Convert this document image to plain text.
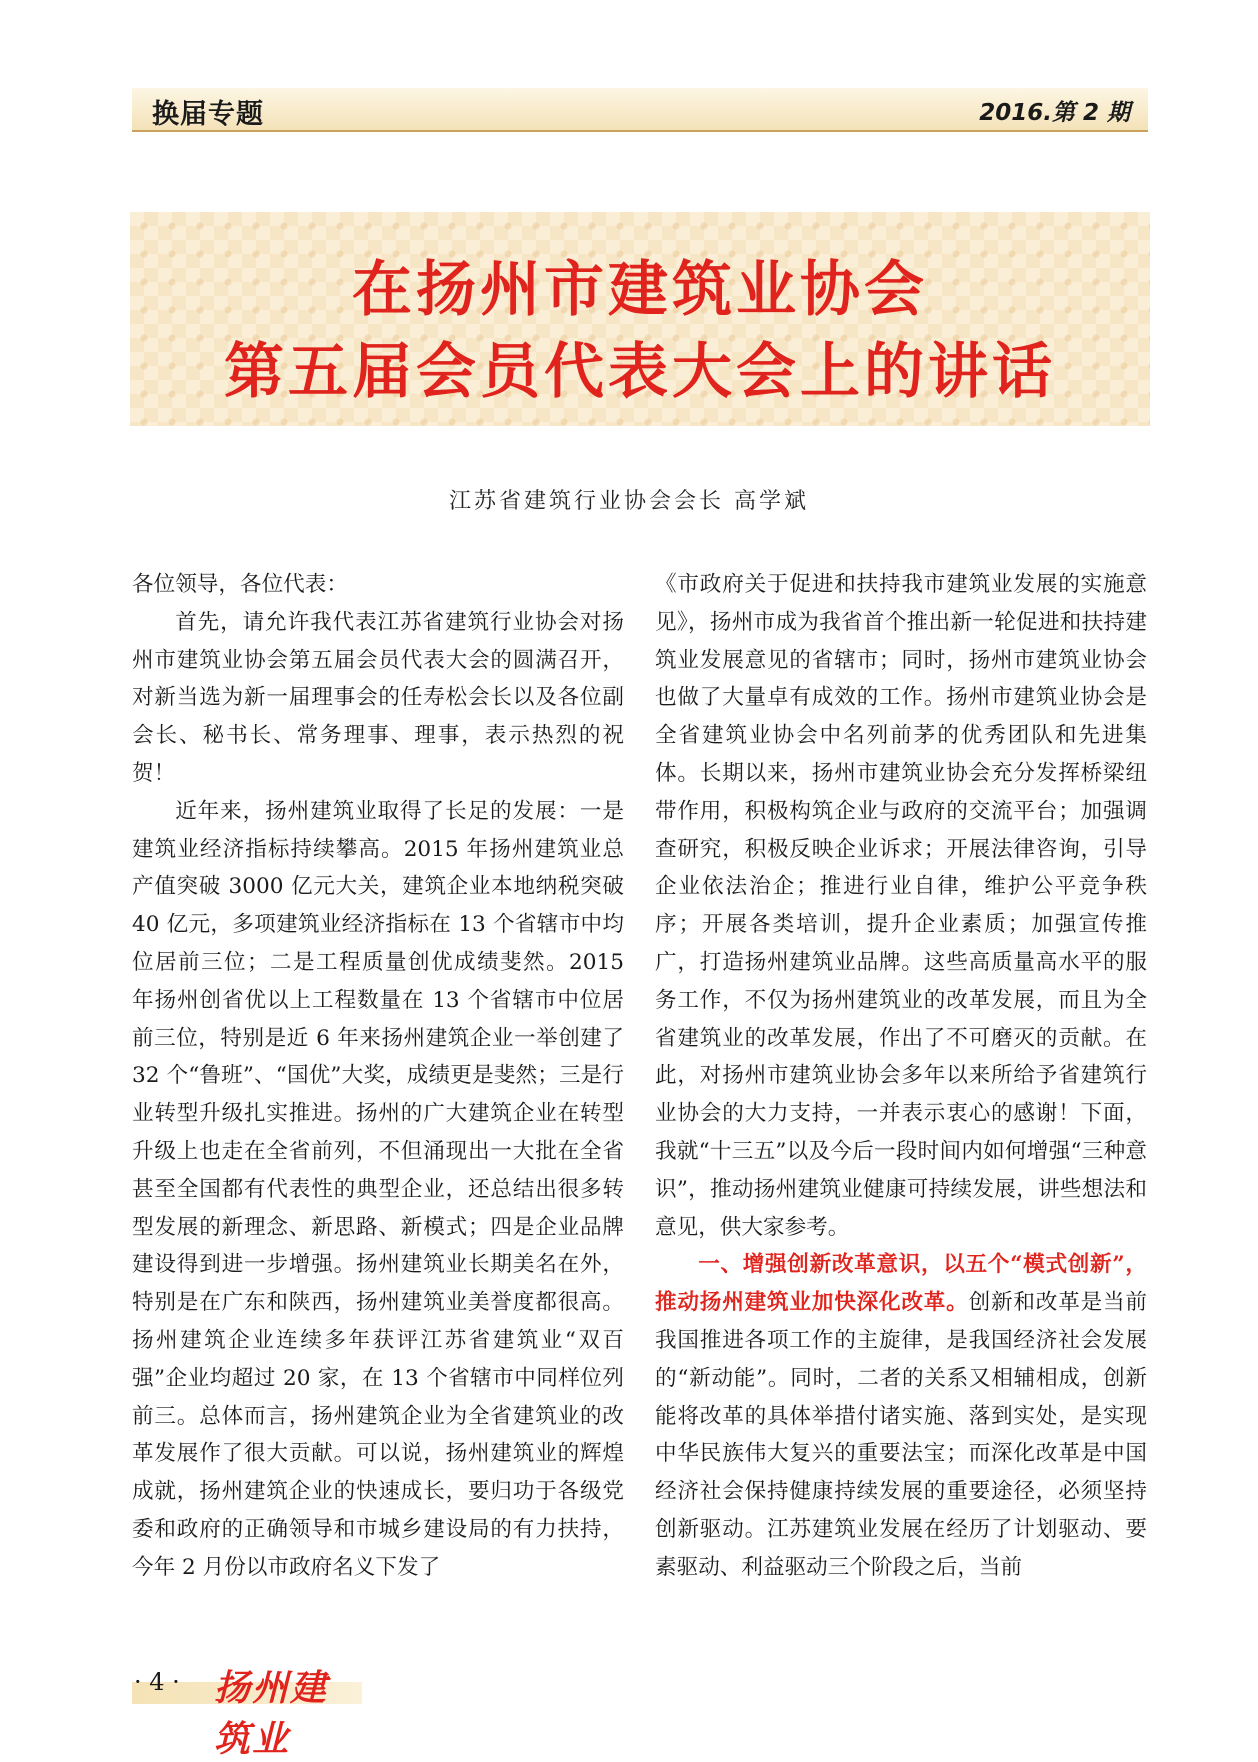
换届专题	2016.第 2 期
在扬州市建筑业协会
第五届会员代表大会上的讲话
江苏省建筑行业协会会长 高学斌

各位领导，各位代表：

首先，请允许我代表江苏省建筑行业协会对扬州市建筑业协会第五届会员代表大会的圆满召开，对新当选为新一届理事会的任寿松会长以及各位副会长、秘书长、常务理事、理事，表示热烈的祝贺！

近年来，扬州建筑业取得了长足的发展：一是建筑业经济指标持续攀高。2015 年扬州建筑业总产值突破 3000 亿元大关，建筑企业本地纳税突破 40 亿元，多项建筑业经济指标在 13 个省辖市中均位居前三位；二是工程质量创优成绩斐然。2015 年扬州创省优以上工程数量在 13 个省辖市中位居前三位，特别是近 6 年来扬州建筑企业一举创建了 32 个“鲁班”、“国优”大奖，成绩更是斐然；三是行业转型升级扎实推进。扬州的广大建筑企业在转型升级上也走在全省前列，不但涌现出一大批在全省甚至全国都有代表性的典型企业，还总结出很多转型发展的新理念、新思路、新模式；四是企业品牌建设得到进一步增强。扬州建筑业长期美名在外，特别是在广东和陕西，扬州建筑业美誉度都很高。扬州建筑企业连续多年获评江苏省建筑业“双百强”企业均超过 20 家，在 13 个省辖市中同样位列前三。总体而言，扬州建筑企业为全省建筑业的改革发展作了很大贡献。可以说，扬州建筑业的辉煌成就，扬州建筑企业的快速成长，要归功于各级党委和政府的正确领导和市城乡建设局的有力扶持，今年 2 月份以市政府名义下发了

《市政府关于促进和扶持我市建筑业发展的实施意见》，扬州市成为我省首个推出新一轮促进和扶持建筑业发展意见的省辖市；同时，扬州市建筑业协会也做了大量卓有成效的工作。扬州市建筑业协会是全省建筑业协会中名列前茅的优秀团队和先进集体。长期以来，扬州市建筑业协会充分发挥桥梁纽带作用，积极构筑企业与政府的交流平台；加强调查研究，积极反映企业诉求；开展法律咨询，引导企业依法治企；推进行业自律，维护公平竞争秩序；开展各类培训，提升企业素质；加强宣传推广，打造扬州建筑业品牌。这些高质量高水平的服务工作，不仅为扬州建筑业的改革发展，而且为全省建筑业的改革发展，作出了不可磨灭的贡献。在此，对扬州市建筑业协会多年以来所给予省建筑行业协会的大力支持，一并表示衷心的感谢！下面，我就“十三五”以及今后一段时间内如何增强“三种意识”，推动扬州建筑业健康可持续发展，讲些想法和意见，供大家参考。

一、增强创新改革意识，以五个“模式创新”，推动扬州建筑业加快深化改革。创新和改革是当前我国推进各项工作的主旋律，是我国经济社会发展的“新动能”。同时，二者的关系又相辅相成，创新能将改革的具体举措付诸实施、落到实处，是实现中华民族伟大复兴的重要法宝；而深化改革是中国经济社会保持健康持续发展的重要途径，必须坚持创新驱动。江苏建筑业发展在经历了计划驱动、要素驱动、利益驱动三个阶段之后，当前

· 4 · 扬州建筑业
